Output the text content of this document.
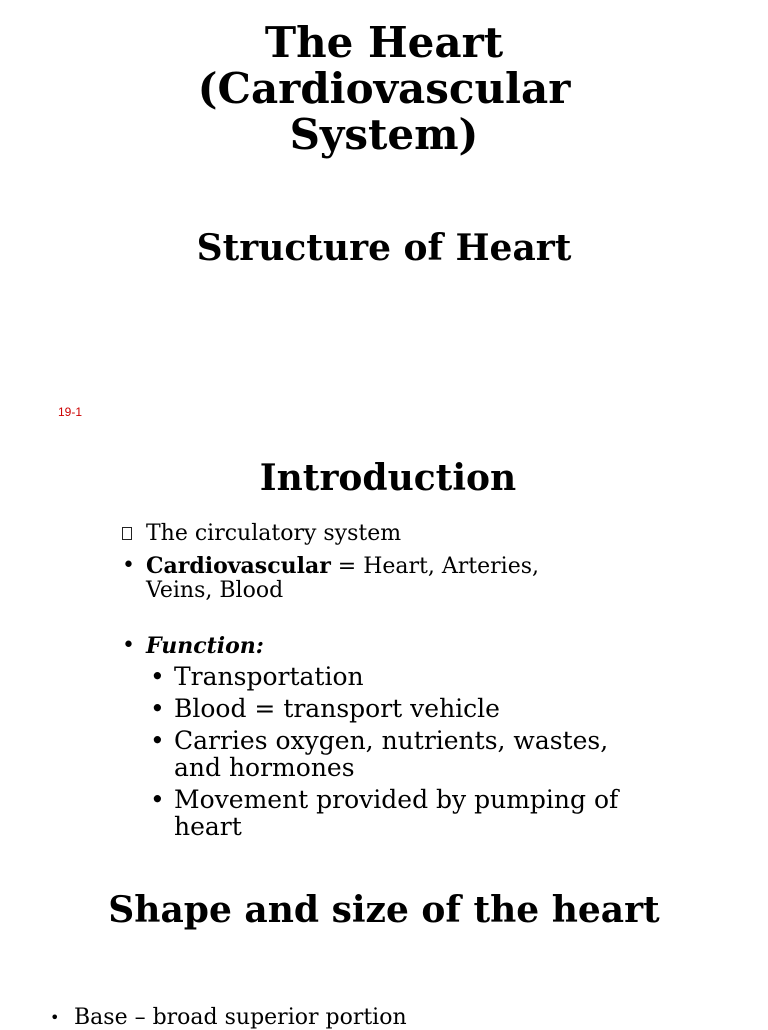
The Heart
(Cardiovascular
System)
Structure of Heart
19-1
Introduction
The circulatory system
• Cardiovascular = Heart, Arteries, Veins, Blood
• Function:
• Transportation
• Blood = transport vehicle
• Carries oxygen, nutrients, wastes, and hormones
• Movement provided by pumping of heart
Shape and size of the heart
• Base – broad superior portion
